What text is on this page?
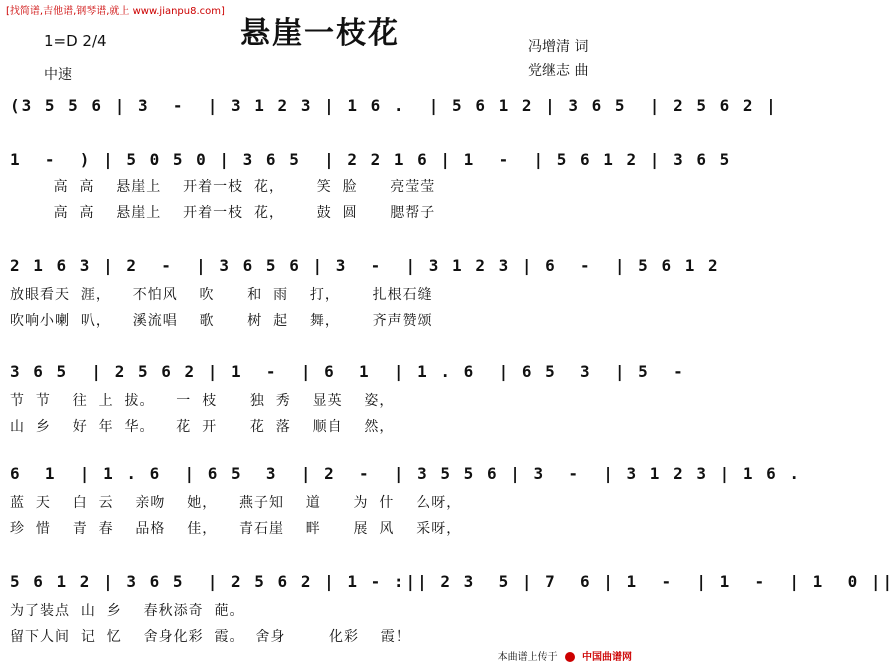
[找简谱,吉他谱,钢琴谱,就上 www.jianpu8.com]
悬崖一枝花
1=D 2/4
中速
冯增清 词
党继志 曲
(3 5 5 6 | 3  -  | 3 1 2 3 | 1 6 .  | 5 6 1 2 | 3 6 5  | 2 5 6 2 |
1  -  ) | 5 0 5 0 | 3 6 5  | 2 2 1 6 | 1  -  | 5 6 1 2 | 3 6 5
高  高    悬崖上    开着一枝  花，      笑  脸      亮莹莹
高  高    悬崖上    开着一枝  花，      鼓  圆      腮帮子
2 1 6 3 | 2  -  | 3 6 5 6 | 3  -  | 3 1 2 3 | 6  -  | 5 6 1 2
放眼看天  涯，    不怕风    吹      和  雨    打，      扎根石缝
吹响小喇  叭，    溪流唱    歌      树  起    舞，      齐声赞颂
3 6 5  | 2 5 6 2 | 1  -  | 6  1  | 1 . 6  | 6 5  3  | 5  -
节  节    往  上  拔。    一  枝      独  秀    显英    姿，
山  乡    好  年  华。    花  开      花  落    顺自    然，
6  1  | 1 . 6  | 6 5  3  | 2  -  | 3 5 5 6 | 3  -  | 3 1 2 3 | 1 6 .
蓝  天    白  云    亲吻    她，    燕子知    道      为  什    么呀，
珍  惜    青  春    品格    佳，    青石崖    畔      展  风    采呀，
5 6 1 2 | 3 6 5  | 2 5 6 2 | 1 - :|| 2 3  5 | 7  6 | 1  -  | 1  -  | 1  0 ||
为了装点  山  乡    春秋添奇  葩。
留下人间  记  忆    舍身化彩  霞。  舍身        化彩    霞！
本曲谱上传于 中国曲谱网
